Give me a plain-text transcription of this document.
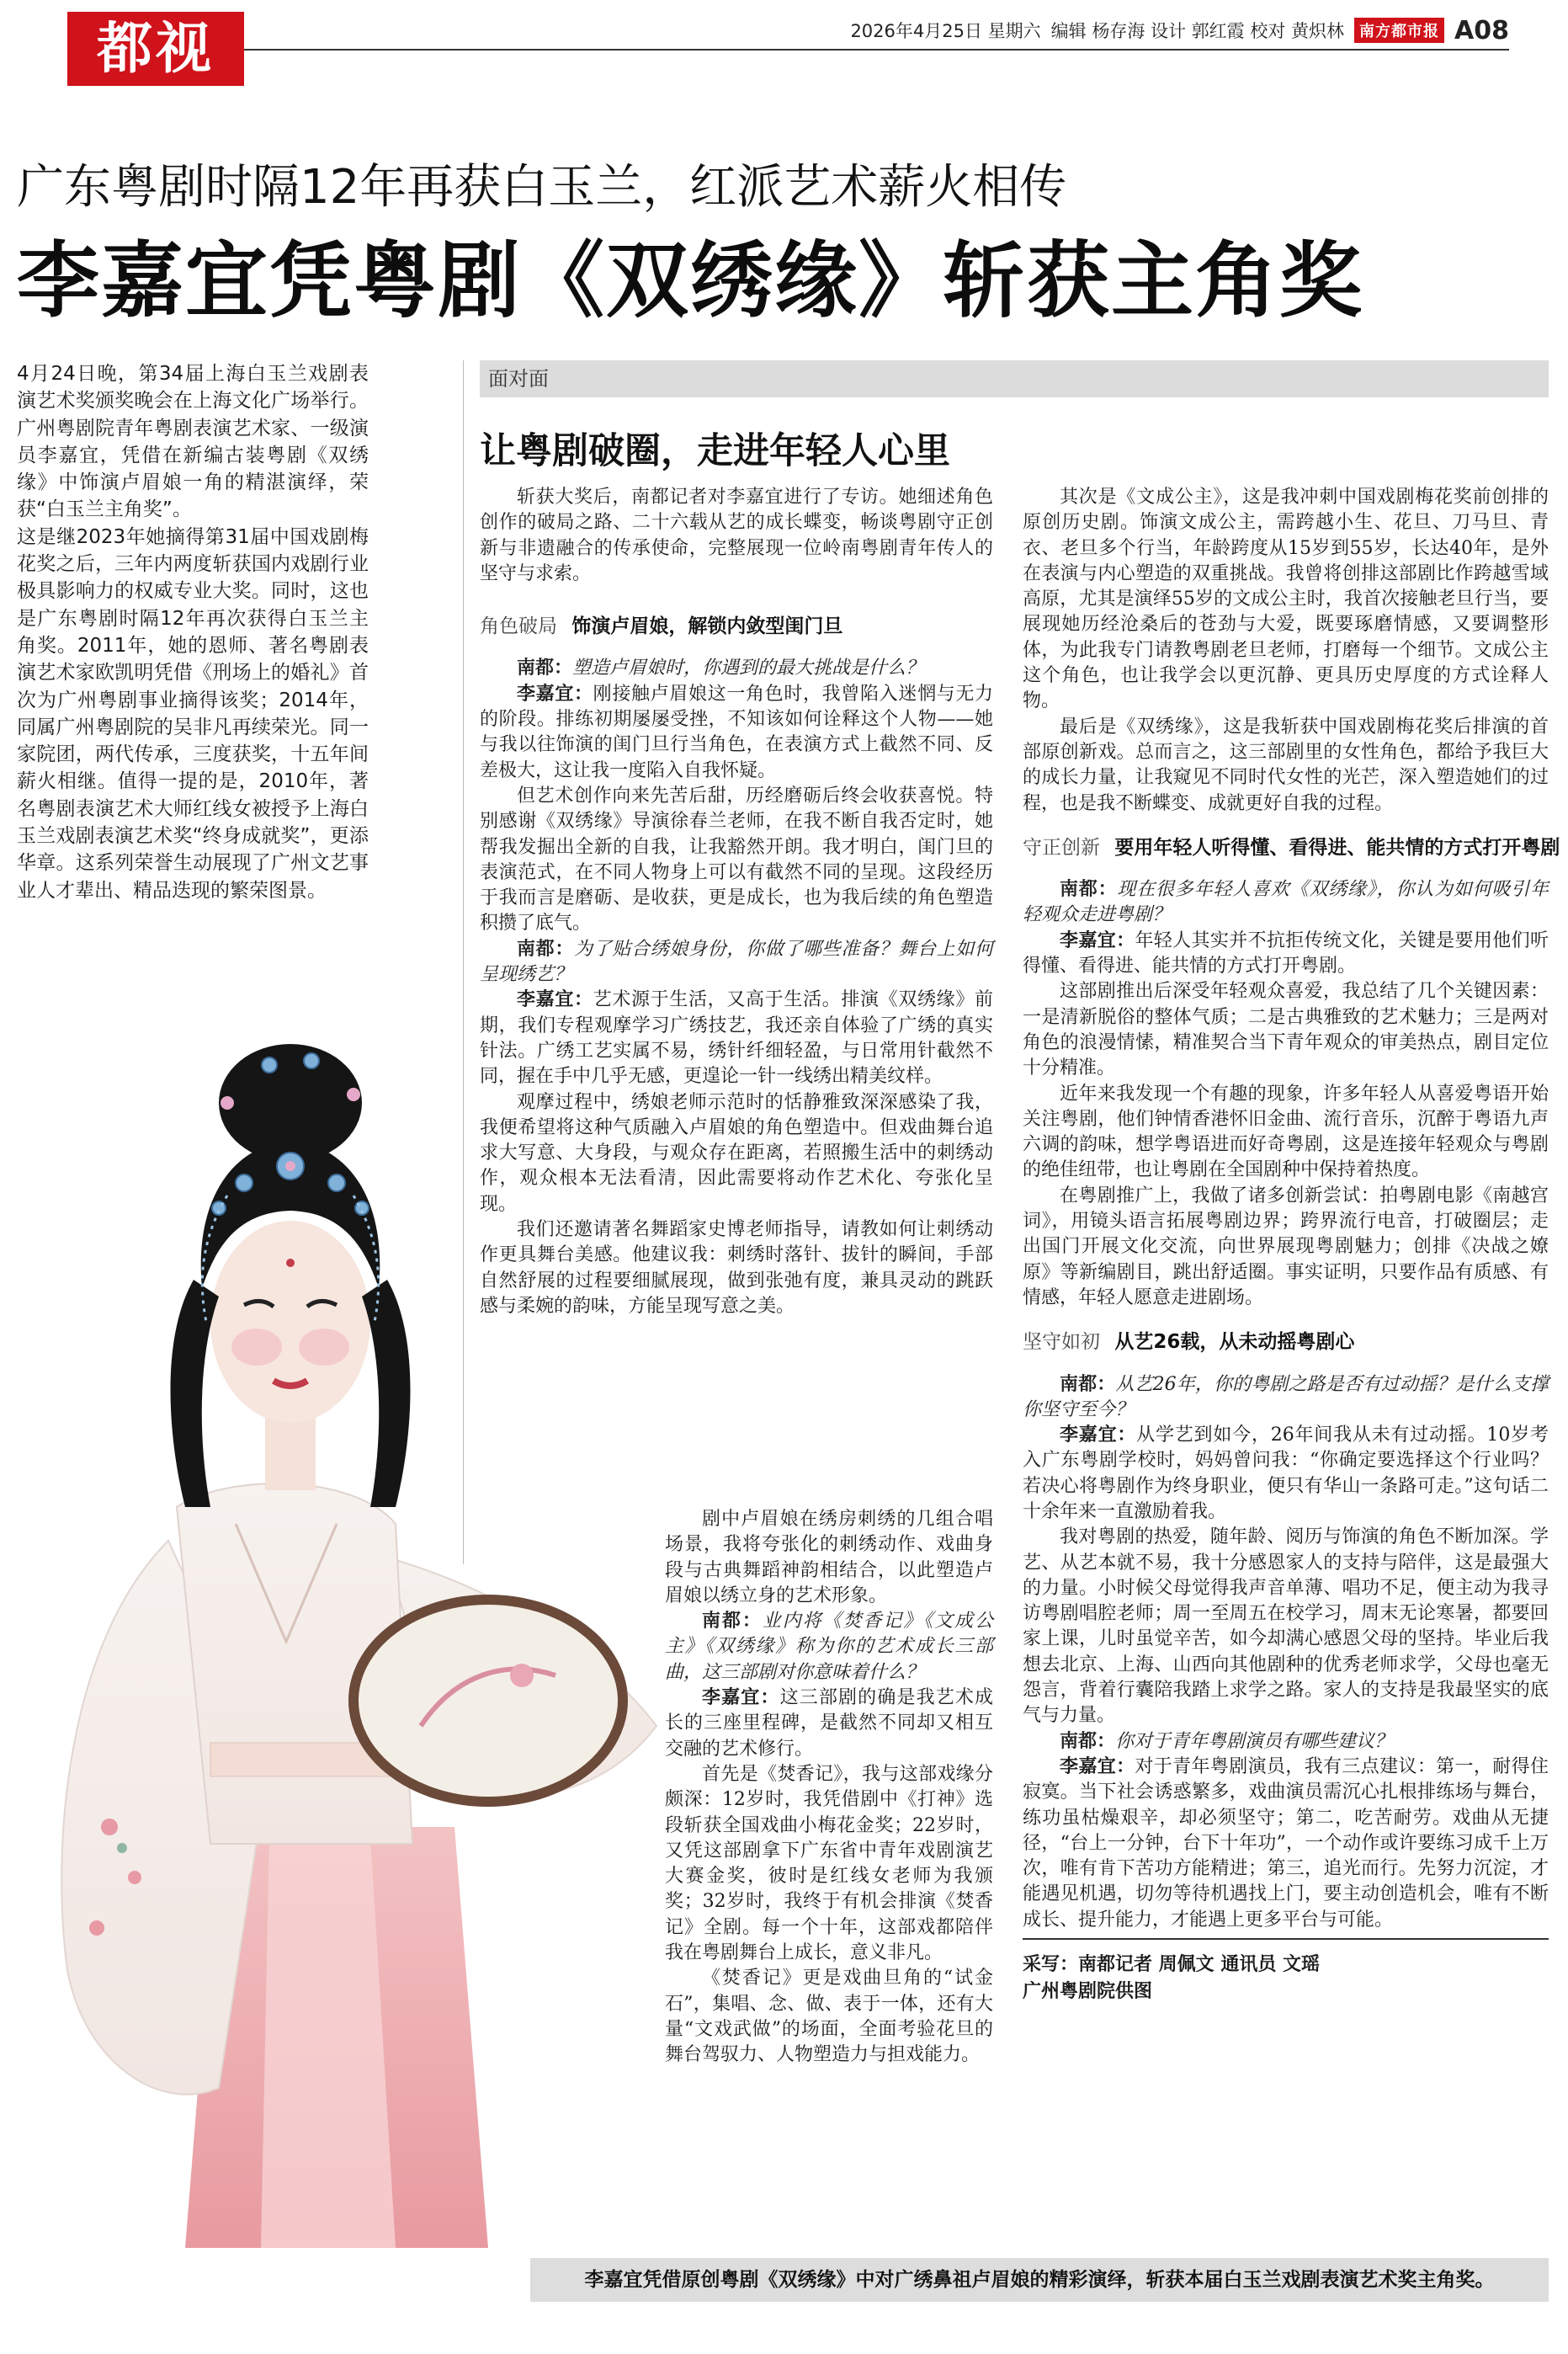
都视	2026年4月25日 星期六 编辑 杨存海 设计 郭红霞 校对 黄炽林	南方都市报 A08
广东粤剧时隔12年再获白玉兰，红派艺术薪火相传
李嘉宜凭粤剧《双绣缘》斩获主角奖

4月24日晚，第34届上海白玉兰戏剧表演艺术奖颁奖晚会在上海文化广场举行。广州粤剧院青年粤剧表演艺术家、一级演员李嘉宜，凭借在新编古装粤剧《双绣缘》中饰演卢眉娘一角的精湛演绎，荣获“白玉兰主角奖”。

这是继2023年她摘得第31届中国戏剧梅花奖之后，三年内两度斩获国内戏剧行业极具影响力的权威专业大奖。同时，这也是广东粤剧时隔12年再次获得白玉兰主角奖。2011年，她的恩师、著名粤剧表演艺术家欧凯明凭借《刑场上的婚礼》首次为广州粤剧事业摘得该奖；2014年，同属广州粤剧院的吴非凡再续荣光。同一家院团，两代传承，三度获奖，十五年间薪火相继。值得一提的是，2010年，著名粤剧表演艺术大师红线女被授予上海白玉兰戏剧表演艺术奖“终身成就奖”，更添华章。这系列荣誉生动展现了广州文艺事业人才辈出、精品迭现的繁荣图景。

面对面
让粤剧破圈，走进年轻人心里

斩获大奖后，南都记者对李嘉宜进行了专访。她细述角色创作的破局之路、二十六载从艺的成长蝶变，畅谈粤剧守正创新与非遗融合的传承使命，完整展现一位岭南粤剧青年传人的坚守与求索。

角色破局 饰演卢眉娘，解锁内敛型闺门旦

南都：塑造卢眉娘时，你遇到的最大挑战是什么？

李嘉宜：刚接触卢眉娘这一角色时，我曾陷入迷惘与无力的阶段。排练初期屡屡受挫，不知该如何诠释这个人物——她与我以往饰演的闺门旦行当角色，在表演方式上截然不同、反差极大，这让我一度陷入自我怀疑。

但艺术创作向来先苦后甜，历经磨砺后终会收获喜悦。特别感谢《双绣缘》导演徐春兰老师，在我不断自我否定时，她帮我发掘出全新的自我，让我豁然开朗。我才明白，闺门旦的表演范式，在不同人物身上可以有截然不同的呈现。这段经历于我而言是磨砺、是收获，更是成长，也为我后续的角色塑造积攒了底气。

南都：为了贴合绣娘身份，你做了哪些准备？舞台上如何呈现绣艺？

李嘉宜：艺术源于生活，又高于生活。排演《双绣缘》前期，我们专程观摩学习广绣技艺，我还亲自体验了广绣的真实针法。广绣工艺实属不易，绣针纤细轻盈，与日常用针截然不同，握在手中几乎无感，更遑论一针一线绣出精美纹样。

观摩过程中，绣娘老师示范时的恬静雅致深深感染了我，我便希望将这种气质融入卢眉娘的角色塑造中。但戏曲舞台追求大写意、大身段，与观众存在距离，若照搬生活中的刺绣动作，观众根本无法看清，因此需要将动作艺术化、夸张化呈现。

我们还邀请著名舞蹈家史博老师指导，请教如何让刺绣动作更具舞台美感。他建议我：刺绣时落针、拔针的瞬间，手部自然舒展的过程要细腻展现，做到张弛有度，兼具灵动的跳跃感与柔婉的韵味，方能呈现写意之美。

剧中卢眉娘在绣房刺绣的几组合唱场景，我将夸张化的刺绣动作、戏曲身段与古典舞蹈神韵相结合，以此塑造卢眉娘以绣立身的艺术形象。

南都：业内将《焚香记》《文成公主》《双绣缘》称为你的艺术成长三部曲，这三部剧对你意味着什么？

李嘉宜：这三部剧的确是我艺术成长的三座里程碑，是截然不同却又相互交融的艺术修行。

首先是《焚香记》，我与这部戏缘分颇深：12岁时，我凭借剧中《打神》选段斩获全国戏曲小梅花金奖；22岁时，又凭这部剧拿下广东省中青年戏剧演艺大赛金奖，彼时是红线女老师为我颁奖；32岁时，我终于有机会排演《焚香记》全剧。每一个十年，这部戏都陪伴我在粤剧舞台上成长，意义非凡。

《焚香记》更是戏曲旦角的“试金石”，集唱、念、做、表于一体，还有大量“文戏武做”的场面，全面考验花旦的舞台驾驭力、人物塑造力与担戏能力。

其次是《文成公主》，这是我冲刺中国戏剧梅花奖前创排的原创历史剧。饰演文成公主，需跨越小生、花旦、刀马旦、青衣、老旦多个行当，年龄跨度从15岁到55岁，长达40年，是外在表演与内心塑造的双重挑战。我曾将创排这部剧比作跨越雪域高原，尤其是演绎55岁的文成公主时，我首次接触老旦行当，要展现她历经沧桑后的苍劲与大爱，既要琢磨情感，又要调整形体，为此我专门请教粤剧老旦老师，打磨每一个细节。文成公主这个角色，也让我学会以更沉静、更具历史厚度的方式诠释人物。

最后是《双绣缘》，这是我斩获中国戏剧梅花奖后排演的首部原创新戏。总而言之，这三部剧里的女性角色，都给予我巨大的成长力量，让我窥见不同时代女性的光芒，深入塑造她们的过程，也是我不断蝶变、成就更好自我的过程。

守正创新 要用年轻人听得懂、看得进、能共情的方式打开粤剧

南都：现在很多年轻人喜欢《双绣缘》，你认为如何吸引年轻观众走进粤剧？

李嘉宜：年轻人其实并不抗拒传统文化，关键是要用他们听得懂、看得进、能共情的方式打开粤剧。

这部剧推出后深受年轻观众喜爱，我总结了几个关键因素：一是清新脱俗的整体气质；二是古典雅致的艺术魅力；三是两对角色的浪漫情愫，精准契合当下青年观众的审美热点，剧目定位十分精准。

近年来我发现一个有趣的现象，许多年轻人从喜爱粤语开始关注粤剧，他们钟情香港怀旧金曲、流行音乐，沉醉于粤语九声六调的韵味，想学粤语进而好奇粤剧，这是连接年轻观众与粤剧的绝佳纽带，也让粤剧在全国剧种中保持着热度。

在粤剧推广上，我做了诸多创新尝试：拍粤剧电影《南越宫词》，用镜头语言拓展粤剧边界；跨界流行电音，打破圈层；走出国门开展文化交流，向世界展现粤剧魅力；创排《决战之嫽原》等新编剧目，跳出舒适圈。事实证明，只要作品有质感、有情感，年轻人愿意走进剧场。

坚守如初 从艺26载，从未动摇粤剧心

南都：从艺26年，你的粤剧之路是否有过动摇？是什么支撑你坚守至今？

李嘉宜：从学艺到如今，26年间我从未有过动摇。10岁考入广东粤剧学校时，妈妈曾问我：“你确定要选择这个行业吗？若决心将粤剧作为终身职业，便只有华山一条路可走。”这句话二十余年来一直激励着我。

我对粤剧的热爱，随年龄、阅历与饰演的角色不断加深。学艺、从艺本就不易，我十分感恩家人的支持与陪伴，这是最强大的力量。小时候父母觉得我声音单薄、唱功不足，便主动为我寻访粤剧唱腔老师；周一至周五在校学习，周末无论寒暑，都要回家上课，儿时虽觉辛苦，如今却满心感恩父母的坚持。毕业后我想去北京、上海、山西向其他剧种的优秀老师求学，父母也毫无怨言，背着行囊陪我踏上求学之路。家人的支持是我最坚实的底气与力量。

南都：你对于青年粤剧演员有哪些建议？

李嘉宜：对于青年粤剧演员，我有三点建议：第一，耐得住寂寞。当下社会诱惑繁多，戏曲演员需沉心扎根排练场与舞台，练功虽枯燥艰辛，却必须坚守；第二，吃苦耐劳。戏曲从无捷径，“台上一分钟，台下十年功”，一个动作或许要练习成千上万次，唯有肯下苦功方能精进；第三，追光而行。先努力沉淀，才能遇见机遇，切勿等待机遇找上门，要主动创造机会，唯有不断成长、提升能力，才能遇上更多平台与可能。

采写：南都记者 周佩文 通讯员 文瑶

广州粤剧院供图

李嘉宜凭借原创粤剧《双绣缘》中对广绣鼻祖卢眉娘的精彩演绎，斩获本届白玉兰戏剧表演艺术奖主角奖。
